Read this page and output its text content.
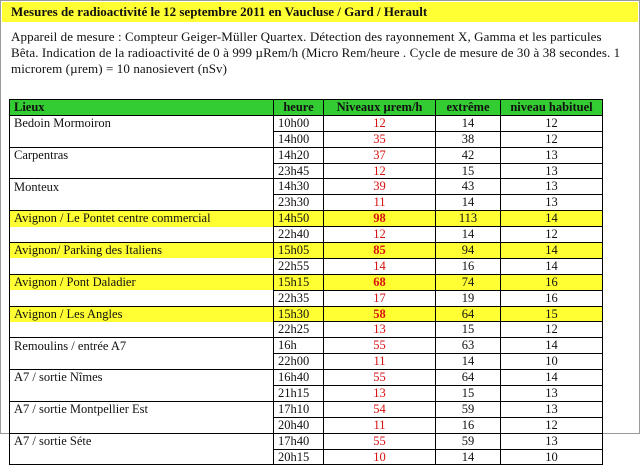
Mesures de radioactivité le 12 septembre 2011 en Vaucluse / Gard / Herault
Appareil de mesure : Compteur Geiger-Müller Quartex. Détection des rayonnement X, Gamma et les particules Bêta. Indication de la radioactivité de 0 à 999 µRem/h (Micro Rem/heure . Cycle de mesure de 30 à 38 secondes. 1 microrem (µrem) = 10 nanosievert (nSv)
Lieux	heure	Niveaux µrem/h	extrême	niveau habituel
Bedoin Mormoiron	10h00	12	14	12
	14h00	35	38	12
Carpentras	14h20	37	42	13
	23h45	12	15	13
Monteux	14h30	39	43	13
	23h30	11	14	13
Avignon / Le Pontet centre commercial	14h50	98	113	14
	22h40	12	14	12
Avignon/ Parking des Italiens	15h05	85	94	14
	22h55	14	16	14
Avignon / Pont Daladier	15h15	68	74	16
	22h35	17	19	16
Avignon / Les Angles	15h30	58	64	15
	22h25	13	15	12
Remoulins / entrée A7	16h	55	63	14
	22h00	11	14	10
A7 / sortie Nîmes	16h40	55	64	14
	21h15	13	15	13
A7 / sortie Montpellier Est	17h10	54	59	13
	20h40	11	16	12
A7 / sortie Séte	17h40	55	59	13
	20h15	10	14	10
